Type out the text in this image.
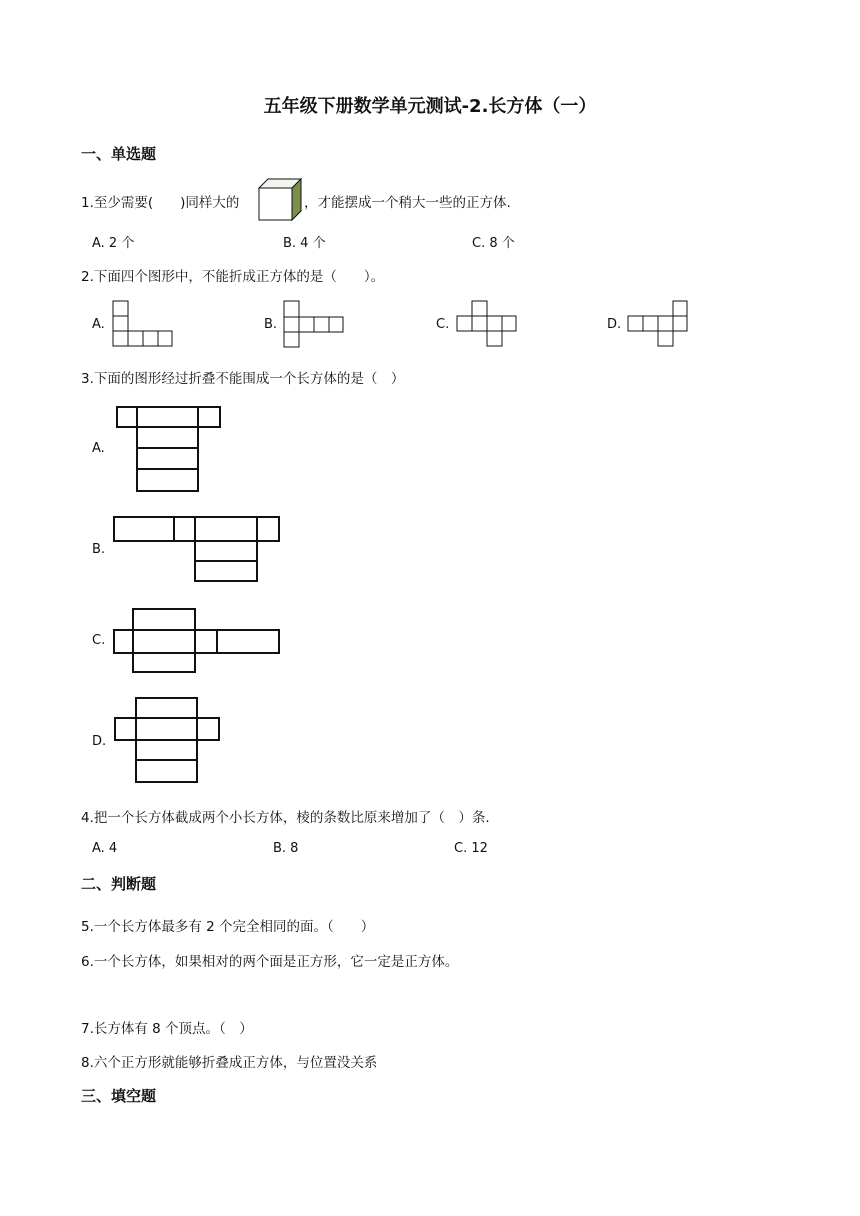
五年级下册数学单元测试-2.长方体（一）
一、单选题
1.至少需要(　　)同样大的	，才能摆成一个稍大一些的正方体.
A. 2 个	B. 4 个	C. 8 个
2.下面四个图形中，不能折成正方体的是（　　）。
A.	B.	C.	D.
3.下面的图形经过折叠不能围成一个长方体的是（　）
A.
B.
C.
D.
4.把一个长方体截成两个小长方体，棱的条数比原来增加了（　）条.
A. 4	B. 8	C. 12
二、判断题
5.一个长方体最多有 2 个完全相同的面。（　　）
6.一个长方体，如果相对的两个面是正方形，它一定是正方体。
7.长方体有 8 个顶点。（　）
8.六个正方形就能够折叠成正方体，与位置没关系
三、填空题
